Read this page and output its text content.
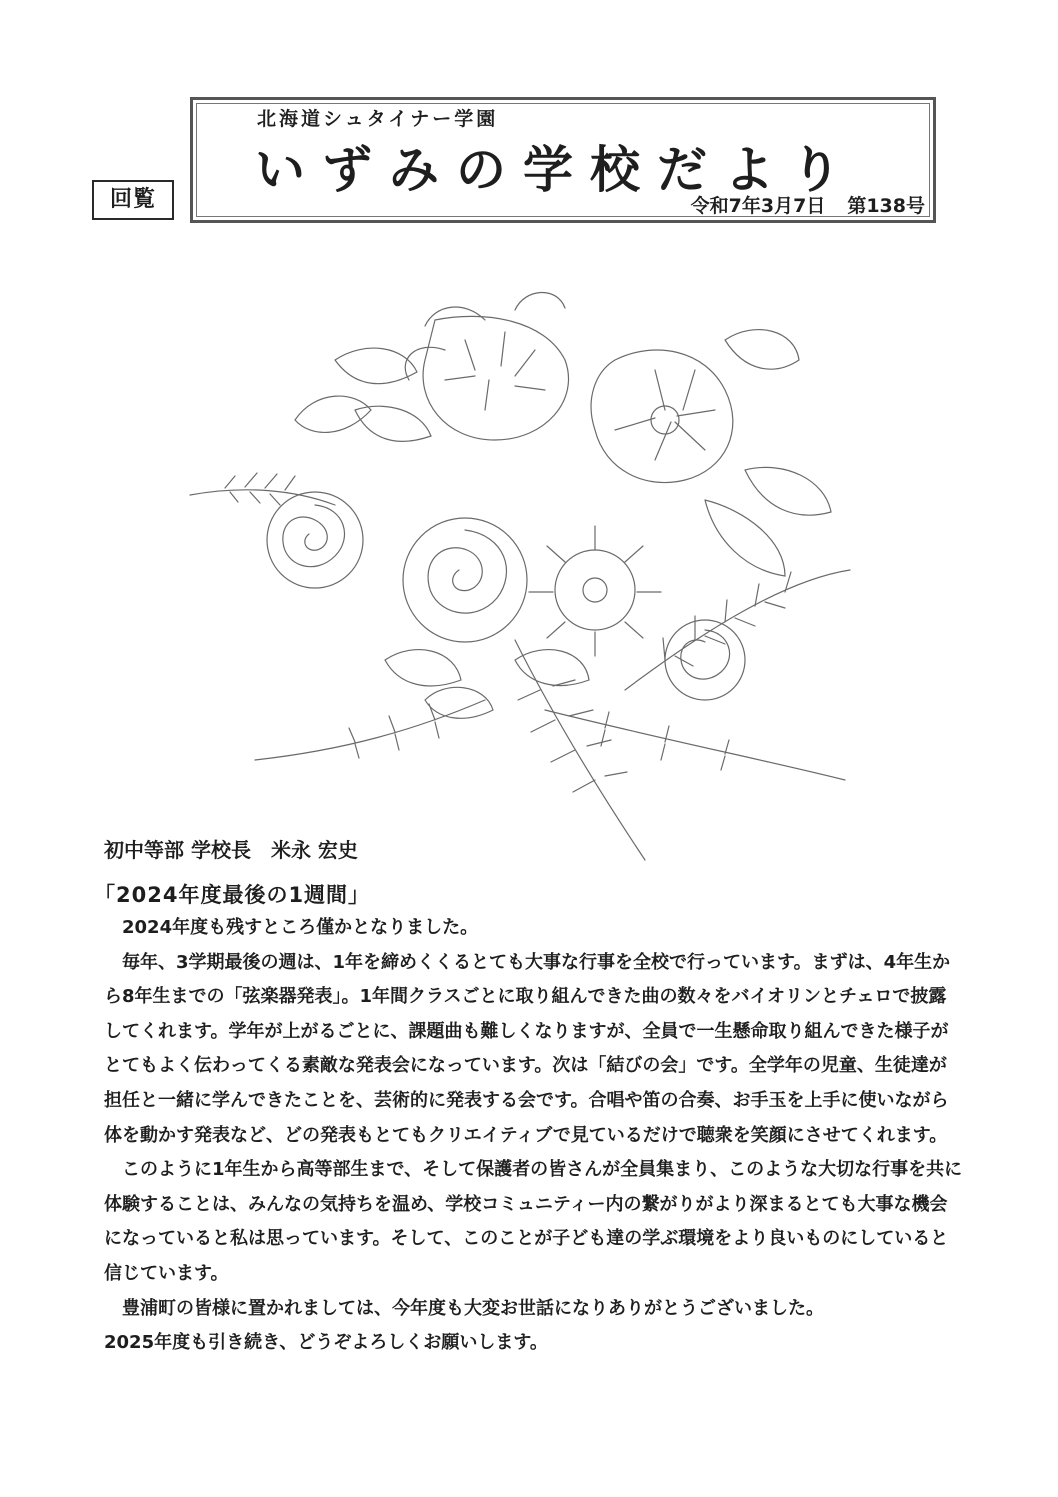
回覧
北海道シュタイナー学園
いずみの学校だより
令和7年3月7日 第138号
初中等部 学校長　米永 宏史
「2024年度最後の1週間」

2024年度も残すところ僅かとなりました。

毎年、3学期最後の週は、1年を締めくくるとても大事な行事を全校で行っています。まずは、4年生から8年生までの「弦楽器発表」。1年間クラスごとに取り組んできた曲の数々をバイオリンとチェロで披露してくれます。学年が上がるごとに、課題曲も難しくなりますが、全員で一生懸命取り組んできた様子がとてもよく伝わってくる素敵な発表会になっています。次は「結びの会」です。全学年の児童、生徒達が担任と一緒に学んできたことを、芸術的に発表する会です。合唱や笛の合奏、お手玉を上手に使いながら体を動かす発表など、どの発表もとてもクリエイティブで見ているだけで聴衆を笑顔にさせてくれます。

このように1年生から高等部生まで、そして保護者の皆さんが全員集まり、このような大切な行事を共に体験することは、みんなの気持ちを温め、学校コミュニティー内の繋がりがより深まるとても大事な機会になっていると私は思っています。そして、このことが子ども達の学ぶ環境をより良いものにしていると信じています。

豊浦町の皆様に置かれましては、今年度も大変お世話になりありがとうございました。

2025年度も引き続き、どうぞよろしくお願いします。
